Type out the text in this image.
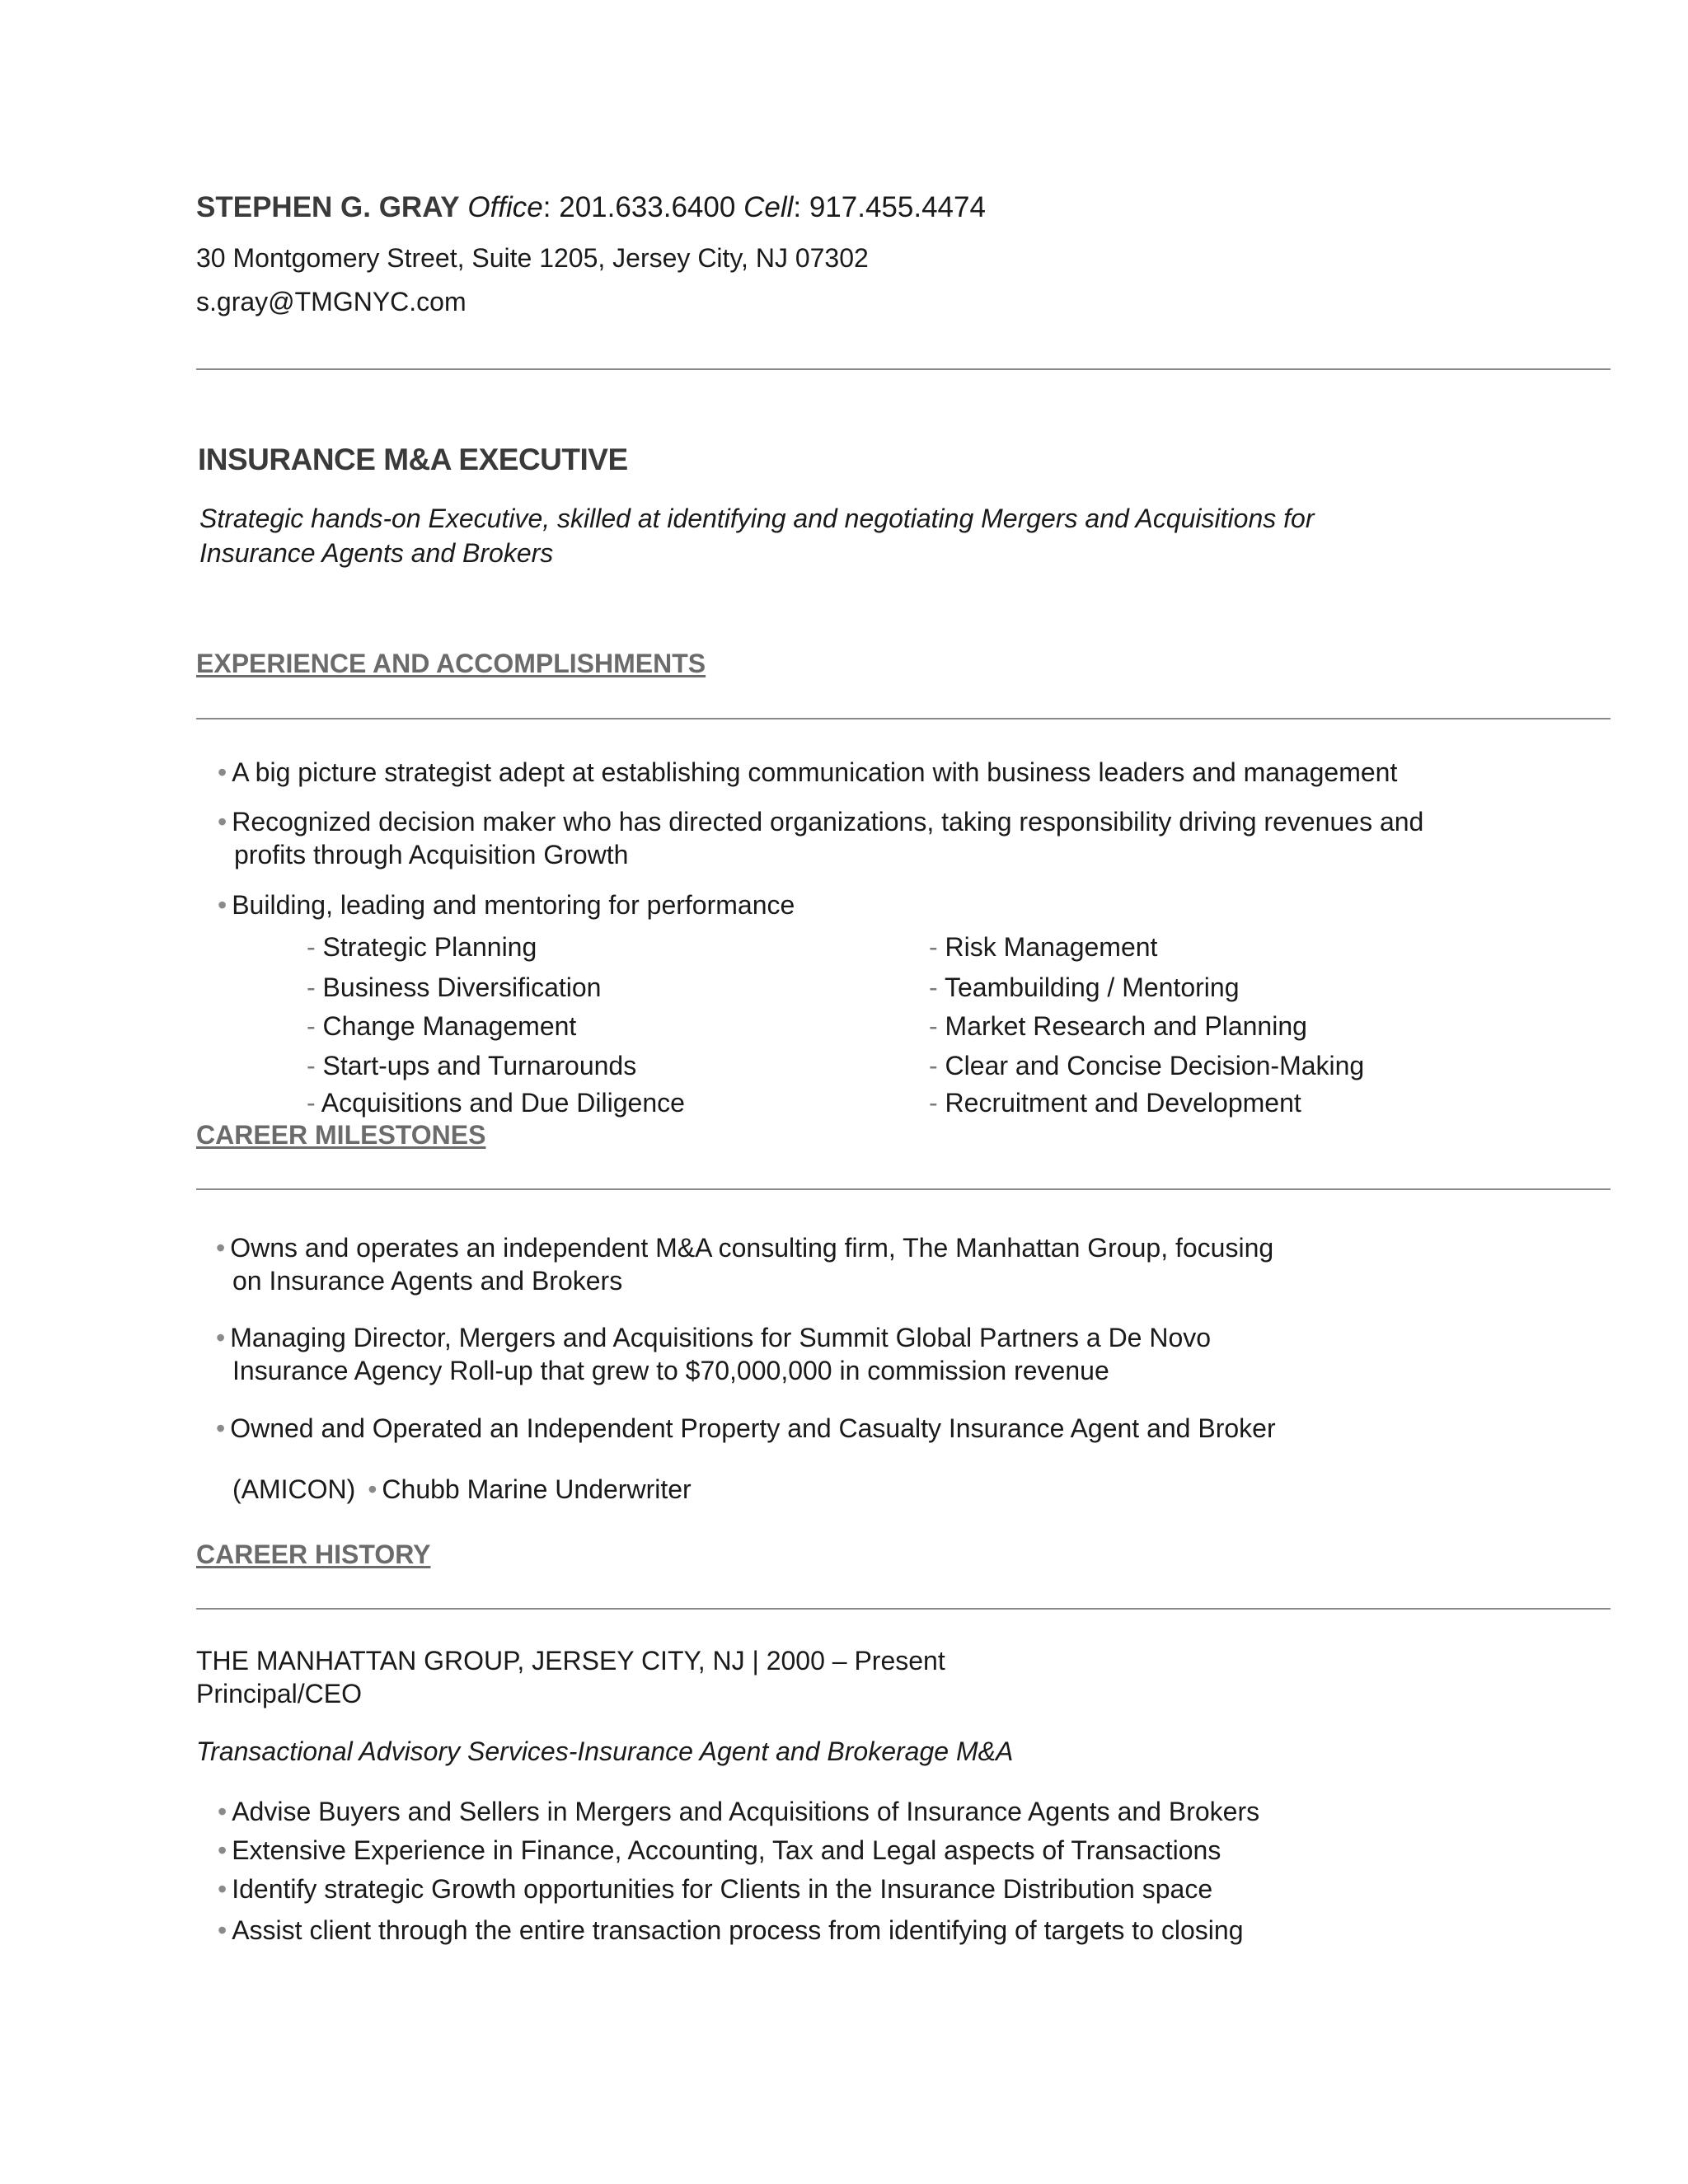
STEPHEN G. GRAY Office: 201.633.6400 Cell: 917.455.4474
30 Montgomery Street, Suite 1205, Jersey City, NJ 07302
s.gray@TMGNYC.com
INSURANCE M&A EXECUTIVE
Strategic hands-on Executive, skilled at identifying and negotiating Mergers and Acquisitions for Insurance Agents and Brokers
EXPERIENCE AND ACCOMPLISHMENTS
• A big picture strategist adept at establishing communication with business leaders and management
• Recognized decision maker who has directed organizations, taking responsibility driving revenues and
profits through Acquisition Growth
• Building, leading and mentoring for performance
- Strategic Planning
- Business Diversification
- Change Management
- Start-ups and Turnarounds
- Acquisitions and Due Diligence
- Risk Management
- Teambuilding / Mentoring
- Market Research and Planning
- Clear and Concise Decision-Making
- Recruitment and Development
CAREER MILESTONES
• Owns and operates an independent M&A consulting firm, The Manhattan Group, focusing
on Insurance Agents and Brokers
• Managing Director, Mergers and Acquisitions for Summit Global Partners a De Novo
Insurance Agency Roll-up that grew to $70,000,000 in commission revenue
• Owned and Operated an Independent Property and Casualty Insurance Agent and Broker
(AMICON) • Chubb Marine Underwriter
CAREER HISTORY
THE MANHATTAN GROUP, JERSEY CITY, NJ | 2000 – Present
Principal/CEO
Transactional Advisory Services-Insurance Agent and Brokerage M&A
• Advise Buyers and Sellers in Mergers and Acquisitions of Insurance Agents and Brokers
• Extensive Experience in Finance, Accounting, Tax and Legal aspects of Transactions
• Identify strategic Growth opportunities for Clients in the Insurance Distribution space
• Assist client through the entire transaction process from identifying of targets to closing
